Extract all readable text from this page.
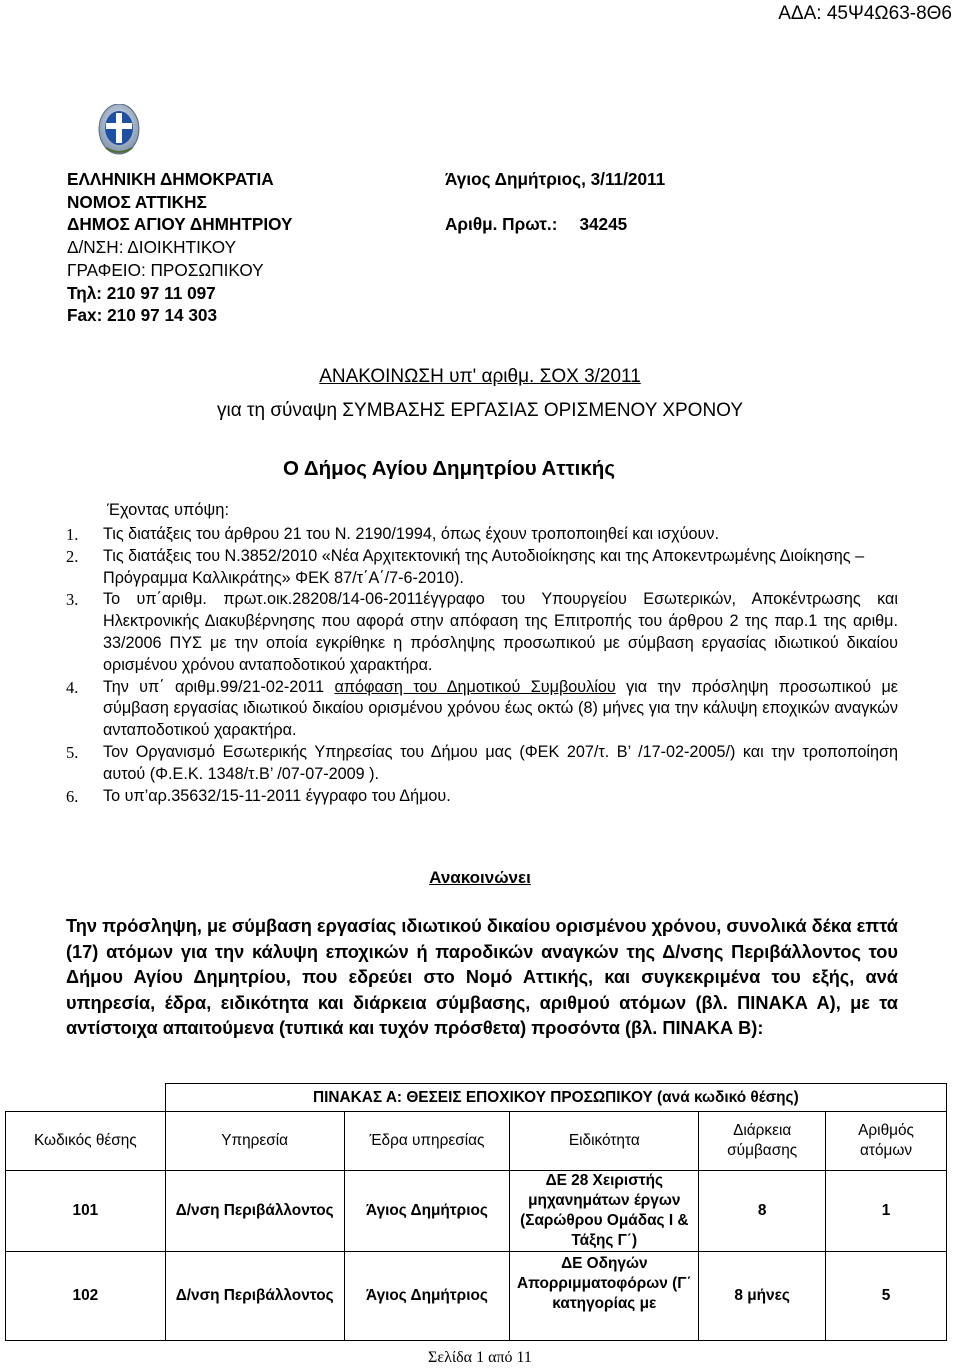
ΑΔΑ: 45Ψ4Ω63-8Θ6
ΕΛΛΗΝΙΚΗ ΔΗΜΟΚΡΑΤΙΑ
ΝΟΜΟΣ ΑΤΤΙΚΗΣ
ΔΗΜΟΣ ΑΓΙΟΥ ΔΗΜΗΤΡΙΟΥ
Δ/ΝΣΗ: ΔΙΟΙΚΗΤΙΚΟΥ
ΓΡΑΦΕΙΟ: ΠΡΟΣΩΠΙΚΟΥ
Τηλ: 210 97 11 097
Fax: 210 97 14 303
Άγιος Δημήτριος, 3/11/2011
Αριθμ. Πρωτ.: 34245
ΑΝΑΚΟΙΝΩΣΗ υπ' αριθμ. ΣΟΧ 3/2011
για τη σύναψη ΣΥΜΒΑΣΗΣ ΕΡΓΑΣΙΑΣ ΟΡΙΣΜΕΝΟΥ ΧΡΟΝΟΥ
Ο Δήμος Αγίου Δημητρίου Αττικής
Έχοντας υπόψη:
1. Τις διατάξεις του άρθρου 21 του Ν. 2190/1994, όπως έχουν τροποποιηθεί και ισχύουν.
2. Τις διατάξεις του Ν.3852/2010 «Νέα Αρχιτεκτονική της Αυτοδιοίκησης και της Αποκεντρωμένης Διοίκησης –Πρόγραμμα Καλλικράτης» ΦΕΚ 87/τ΄Α΄/7-6-2010).
3. Το υπ΄αριθμ. πρωτ.οικ.28208/14-06-2011έγγραφο του Υπουργείου Εσωτερικών, Αποκέντρωσης και Ηλεκτρονικής Διακυβέρνησης που αφορά στην απόφαση της Επιτροπής του άρθρου 2 της παρ.1 της αριθμ. 33/2006 ΠΥΣ με την οποία εγκρίθηκε η πρόσληψης προσωπικού με σύμβαση εργασίας ιδιωτικού δικαίου ορισμένου χρόνου ανταποδοτικού χαρακτήρα.
4. Την υπ΄ αριθμ.99/21-02-2011 απόφαση του Δημοτικού Συμβουλίου για την πρόσληψη προσωπικού με σύμβαση εργασίας ιδιωτικού δικαίου ορισμένου χρόνου έως οκτώ (8) μήνες για την κάλυψη εποχικών αναγκών ανταποδοτικού χαρακτήρα.
5. Τον Οργανισμό Εσωτερικής Υπηρεσίας του Δήμου μας (ΦΕΚ 207/τ. Β’ /17-02-2005/) και την τροποποίηση αυτού (Φ.Ε.Κ. 1348/τ.Β’ /07-07-2009 ).
6. Το υπ’αρ.35632/15-11-2011 έγγραφο του Δήμου.
Ανακοινώνει
Την πρόσληψη, με σύμβαση εργασίας ιδιωτικού δικαίου ορισμένου χρόνου, συνολικά δέκα επτά (17) ατόμων για την κάλυψη εποχικών ή παροδικών αναγκών της Δ/νσης Περιβάλλοντος του Δήμου Αγίου Δημητρίου, που εδρεύει στο Νομό Αττικής, και συγκεκριμένα του εξής, ανά υπηρεσία, έδρα, ειδικότητα και διάρκεια σύμβασης, αριθμού ατόμων (βλ. ΠΙΝΑΚΑ Α), με τα αντίστοιχα απαιτούμενα (τυπικά και τυχόν πρόσθετα) προσόντα (βλ. ΠΙΝΑΚΑ Β):
	ΠΙΝΑΚΑΣ Α: ΘΕΣΕΙΣ ΕΠΟΧΙΚΟΥ ΠΡΟΣΩΠΙΚΟΥ (ανά κωδικό θέσης)				
Κωδικός θέσης	Υπηρεσία	Έδρα υπηρεσίας	Ειδικότητα	Διάρκεια σύμβασης	Αριθμός ατόμων
101	Δ/νση Περιβάλλοντος	Άγιος Δημήτριος	ΔΕ 28 Χειριστής μηχανημάτων έργων (Σαρώθρου Ομάδας Ι & Τάξης Γ΄)	8	1
102	Δ/νση Περιβάλλοντος	Άγιος Δημήτριος	ΔΕ Οδηγών Απορριμματοφόρων (Γ΄ κατηγορίας με	8 μήνες	5
Σελίδα 1 από 11
